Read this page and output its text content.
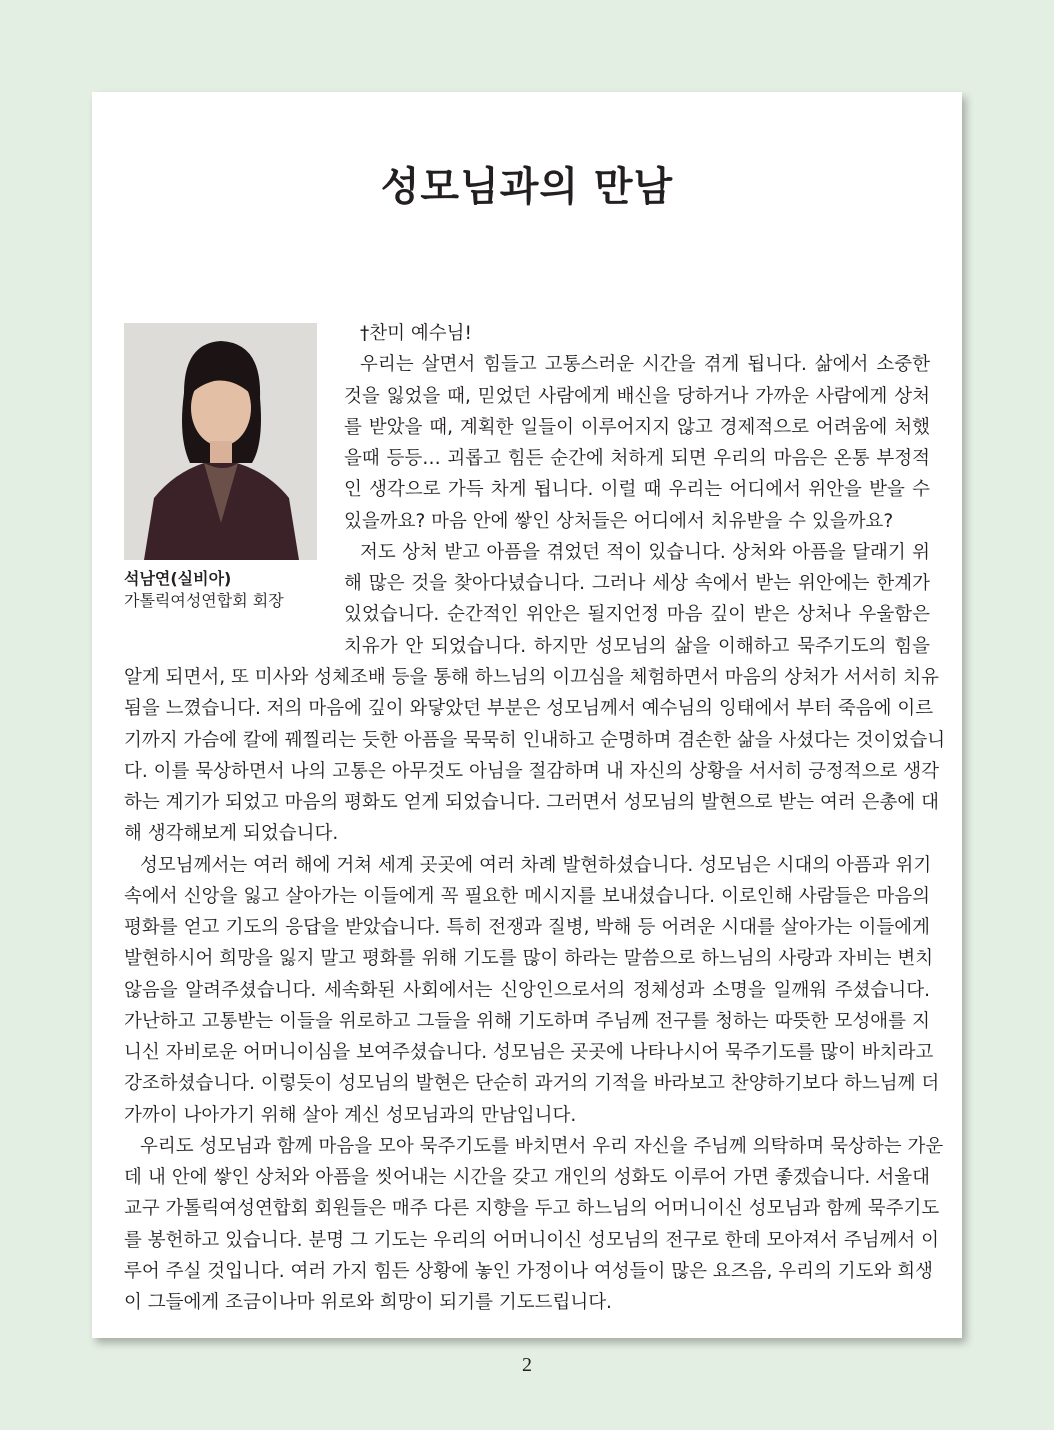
성모님과의 만남
석남연(실비아)
가톨릭여성연합회 회장
†찬미 예수님!
우리는 살면서 힘들고 고통스러운 시간을 겪게 됩니다. 삶에서 소중한
것을 잃었을 때, 믿었던 사람에게 배신을 당하거나 가까운 사람에게 상처
를 받았을 때, 계획한 일들이 이루어지지 않고 경제적으로 어려움에 처했
을때 등등… 괴롭고 힘든 순간에 처하게 되면 우리의 마음은 온통 부정적
인 생각으로 가득 차게 됩니다. 이럴 때 우리는 어디에서 위안을 받을 수
있을까요? 마음 안에 쌓인 상처들은 어디에서 치유받을 수 있을까요?
저도 상처 받고 아픔을 겪었던 적이 있습니다. 상처와 아픔을 달래기 위
해 많은 것을 찾아다녔습니다. 그러나 세상 속에서 받는 위안에는 한계가
있었습니다. 순간적인 위안은 될지언정 마음 깊이 받은 상처나 우울함은
치유가 안 되었습니다. 하지만 성모님의 삶을 이해하고 묵주기도의 힘을
알게 되면서, 또 미사와 성체조배 등을 통해 하느님의 이끄심을 체험하면서 마음의 상처가 서서히 치유
됨을 느꼈습니다. 저의 마음에 깊이 와닿았던 부분은 성모님께서 예수님의 잉태에서 부터 죽음에 이르
기까지 가슴에 칼에 꿰찔리는 듯한 아픔을 묵묵히 인내하고 순명하며 겸손한 삶을 사셨다는 것이었습니
다. 이를 묵상하면서 나의 고통은 아무것도 아님을 절감하며 내 자신의 상황을 서서히 긍정적으로 생각
하는 계기가 되었고 마음의 평화도 얻게 되었습니다. 그러면서 성모님의 발현으로 받는 여러 은총에 대
해 생각해보게 되었습니다.
성모님께서는 여러 해에 거쳐 세계 곳곳에 여러 차례 발현하셨습니다. 성모님은 시대의 아픔과 위기
속에서 신앙을 잃고 살아가는 이들에게 꼭 필요한 메시지를 보내셨습니다. 이로인해 사람들은 마음의
평화를 얻고 기도의 응답을 받았습니다. 특히 전쟁과 질병, 박해 등 어려운 시대를 살아가는 이들에게
발현하시어 희망을 잃지 말고 평화를 위해 기도를 많이 하라는 말씀으로 하느님의 사랑과 자비는 변치
않음을 알려주셨습니다. 세속화된 사회에서는 신앙인으로서의 정체성과 소명을 일깨워 주셨습니다.
가난하고 고통받는 이들을 위로하고 그들을 위해 기도하며 주님께 전구를 청하는 따뜻한 모성애를 지
니신 자비로운 어머니이심을 보여주셨습니다. 성모님은 곳곳에 나타나시어 묵주기도를 많이 바치라고
강조하셨습니다. 이렇듯이 성모님의 발현은 단순히 과거의 기적을 바라보고 찬양하기보다 하느님께 더
가까이 나아가기 위해 살아 계신 성모님과의 만남입니다.
우리도 성모님과 함께 마음을 모아 묵주기도를 바치면서 우리 자신을 주님께 의탁하며 묵상하는 가운
데 내 안에 쌓인 상처와 아픔을 씻어내는 시간을 갖고 개인의 성화도 이루어 가면 좋겠습니다. 서울대
교구 가톨릭여성연합회 회원들은 매주 다른 지향을 두고 하느님의 어머니이신 성모님과 함께 묵주기도
를 봉헌하고 있습니다. 분명 그 기도는 우리의 어머니이신 성모님의 전구로 한데 모아져서 주님께서 이
루어 주실 것입니다. 여러 가지 힘든 상황에 놓인 가정이나 여성들이 많은 요즈음, 우리의 기도와 희생
이 그들에게 조금이나마 위로와 희망이 되기를 기도드립니다.
2
